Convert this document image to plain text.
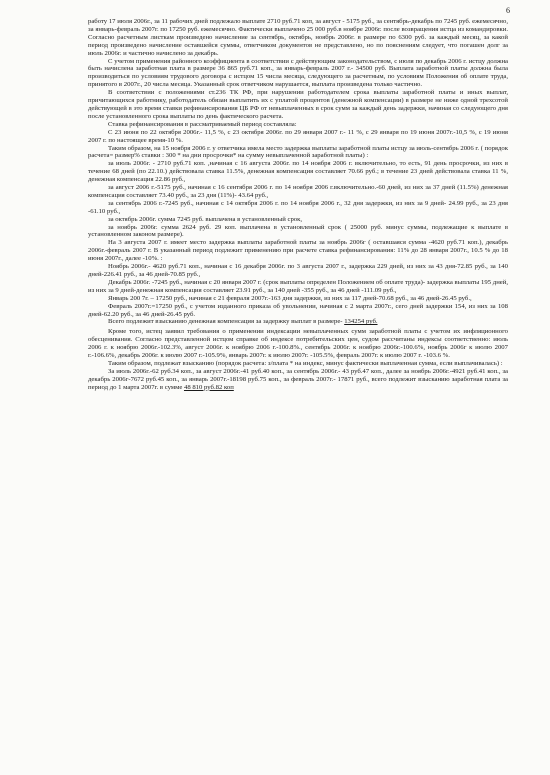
6

работу 17 июля 2006г., за 11 рабочих дней подлежало выплате 2710 руб.71 коп, за август - 5175 руб., за сентябрь-декабрь по 7245 руб. ежемесячно, за январь-февраль 2007г. по 17250 руб. ежемесячно. Фактически выплачено 25 000 руб.в ноябре 2006г. после возвращения истца из командировки. Согласно расчетным листкам произведено начисление за сентябрь, октябрь, ноябрь 2006г. в размере по 6300 руб. за каждый месяц, за какой период произведено начисление оставшейся суммы, ответчиком документов не представлено, но по пояснениям следует, что погашен долг за июль 2006г. и частично начислено за декабрь.

С учетом применения районного коэффициента в соответствии с действующим законодательством, с июля по декабрь 2006 г. истцу должна быть начислена заработная плата в размере 36 865 руб.71 коп., за январь-февраль 2007 г.- 34500 руб. Выплата заработной платы должна была производиться по условиям трудового договора с истцом 15 числа месяца, следующего за расчетным, по условиям Положения об оплате труда, принятого в 2007г., 20 числа месяца. Указанный срок ответчиком нарушается, выплата произведена только частично.

В соответствии с положениями ст.236 ТК РФ, при нарушении работодателем срока выплаты заработной платы и иных выплат, причитающихся работнику, работодатель обязан выплатить их с уплатой процентов (денежной компенсации) в размере не ниже одной трехсотой действующей в это время ставки рефинансирования ЦБ РФ от невыплаченных в срок сумм за каждый день задержки, начиная со следующего дня после установленного срока выплаты по день фактического расчета.

Ставка рефинансирования в рассматриваемый период составляла:

С 23 июня по 22 октября 2006г.- 11,5 %, с 23 октября 2006г. по 29 января 2007 г.- 11 %, с 29 января по 19 июня 2007г.-10,5 %, с 19 июня 2007 г. по настоящее время-10 %.

Таким образом, на 15 ноября 2006 г. у ответчика имела место задержка выплаты заработной платы истцу за июль-сентябрь 2006 г. ( порядок расчета= размер% ставки : 300 * на дни просрочки* на сумму невыплаченной заработной платы) :

за июль 2006г. - 2710 руб.71 коп. ,начиная с 16 августа 2006г. по 14 ноября 2006 г. включительно, то есть, 91 день просрочки, из них в течение 68 дней (по 22.10.) действовала ставка 11.5%, денежная компенсация составляет 70.66 руб.; в течение 23 дней действовала ставка 11 %, денежная компенсация 22.86 руб.,

за август 2006 г.-5175 руб., начиная с 16 сентября 2006 г. по 14 ноября 2006 г.включительно.-60 дней, из них за 37 дней (11.5%) денежная компенсация составляет 73.40 руб., за 23 дня (11%)- 43.64 руб.,

за сентябрь 2006 г.-7245 руб., начиная с 14 октября 2006 г. по 14 ноября 2006 г., 32 дня задержки, из них за 9 дней- 24.99 руб., за 23 дня -61.10 руб.,

за октябрь 2006г. сумма 7245 руб. выплачена в установленный срок,

за ноябрь 2006г. сумма 2624 руб. 29 коп. выплачена в установленный срок ( 25000 руб. минус суммы, подлежащие к выплате в установленном законом размере).

На 3 августа 2007 г. имеет место задержка выплаты заработной платы за ноябрь 2006г ( оставшаяся сумма -4620 руб.71 коп.), декабрь 2006г.-февраль 2007 г. В указанный период подлежит применению при расчете ставка рефинансирования: 11% до 28 января 2007г., 10.5 % до 18 июня 2007г., далее -10%. :

Ноябрь 2006г.- 4620 руб.71 коп., начиная с 16 декабря 2006г. по 3 августа 2007 г., задержка 229 дней, из них за 43 дня-72.85 руб., за 140 дней-226.41 руб., за 46 дней-70.85 руб.,

Декабрь 2006г. -7245 руб., начиная с 20 января 2007 г. (срок выплаты определен Положением об оплате труда)- задержка выплаты 195 дней, из них за 9 дней-денежная компенсация составляет 23.91 руб., за 140 дней -355 руб., за 46 дней -111.09 руб.,

Январь 200 7г. – 17250 руб., начиная с 21 февраля 2007г.-163 дня задержки, из них за 117 дней-70.68 руб., за 46 дней-26.45 руб.,

Февраль 2007г.=17250 руб., с учетом изданного приказа об увольнении, начиная с 2 марта 2007г., сего дней задержки 154, из них за 108 дней-62.20 руб., за 46 дней-26.45 руб.

Всего подлежит взысканию денежная компенсация за задержку выплат в размере- 134254 руб.

Кроме того, истец заявил требования о применении индексации невыплаченных сумм заработной платы с учетом их инфляционного обесценивания. Согласно представленной истцом справке об индексе потребительских цен, судом рассчитаны индексы соответственно: июль 2006 г. к ноябрю 2006г.-102.3%, август 2006г. к ноябрю 2006 г.-100.8%., сентябрь 2006г. к ноябрю 2006г.-100.6%, ноябрь 2006г к июлю 2007 г.-106.6%, декабрь 2006г. к июлю 2007 г.-105.9%, январь 2007г. к июлю 2007г. -105.5%, февраль 2007г. к июлю 2007 г. -103.6 %.

Таким образом, подлежат взысканию (порядок расчета: з/плата * на индекс, минус фактически выплаченная сумма, если выплачивалась) :

За июль 2006г.-62 руб.34 коп., за август 2006г.-41 руб.40 коп., за сентябрь 2006г.- 43 руб.47 коп., далее за ноябрь 2006г.-4921 руб.41 коп., за декабрь 2006г-7672 руб.45 коп., за январь 2007г.-18198 руб.75 коп., за февраль 2007г.- 17871 руб., всего подлежит взысканию заработная плата за период до 1 марта 2007г. в сумме 48 810 руб.82 коп
